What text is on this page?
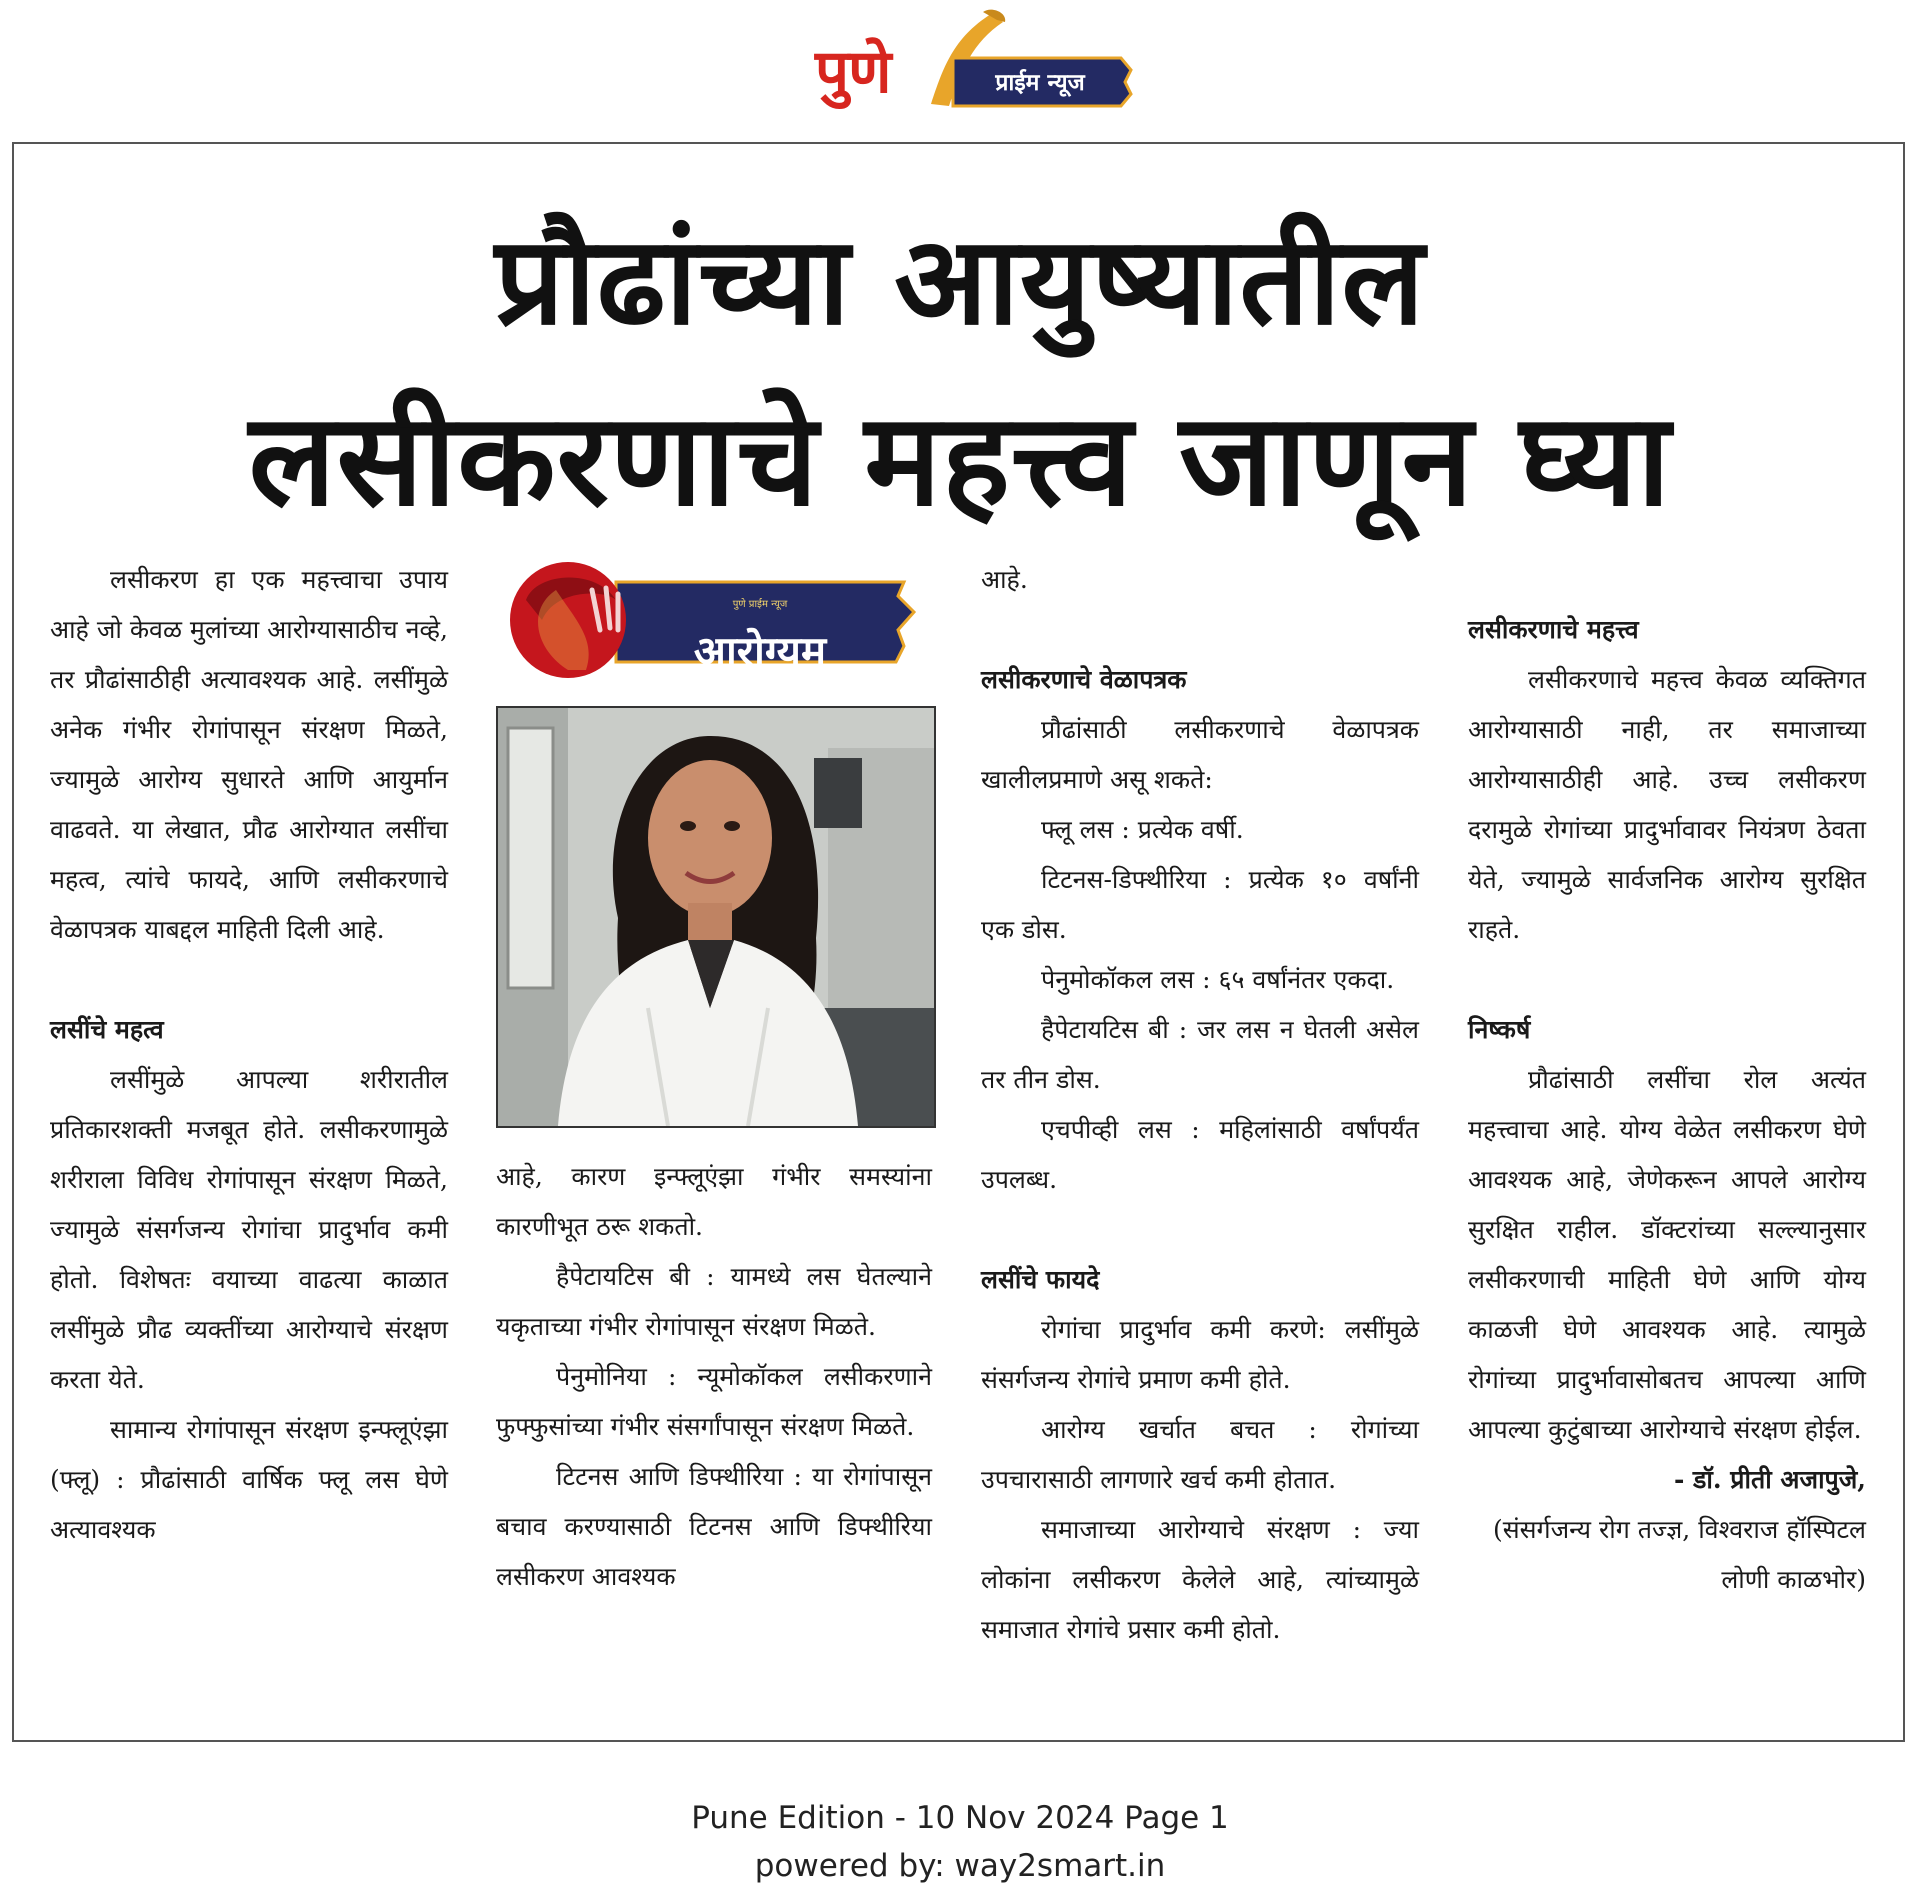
पुणे	प्राईम न्यूज
प्रौढांच्या आयुष्यातील
लसीकरणाचे महत्त्व जाणून घ्या

लसीकरण हा एक महत्त्वाचा उपाय आहे जो केवळ मुलांच्या आरोग्यासाठीच नव्हे, तर प्रौढांसाठीही अत्यावश्यक आहे. लसींमुळे अनेक गंभीर रोगांपासून संरक्षण मिळते, ज्यामुळे आरोग्य सुधारते आणि आयुर्मान वाढवते. या लेखात, प्रौढ आरोग्यात लसींचा महत्व, त्यांचे फायदे, आणि लसीकरणाचे वेळापत्रक याबद्दल माहिती दिली आहे.

लसींचे महत्व

लसींमुळे आपल्या शरीरातील प्रतिकारशक्ती मजबूत होते. लसीकरणामुळे शरीराला विविध रोगांपासून संरक्षण मिळते, ज्यामुळे संसर्गजन्य रोगांचा प्रादुर्भाव कमी होतो. विशेषतः वयाच्या वाढत्या काळात लसींमुळे प्रौढ व्यक्तींच्या आरोग्याचे संरक्षण करता येते.

सामान्य रोगांपासून संरक्षण इन्फ्लूएंझा (फ्लू) : प्रौढांसाठी वार्षिक फ्लू लस घेणे अत्यावश्यक

पुणे प्राईम न्यूज
आरोग्यम

आहे, कारण इन्फ्लूएंझा गंभीर समस्यांना कारणीभूत ठरू शकतो.

हैपेटायटिस बी : यामध्ये लस घेतल्याने यकृताच्या गंभीर रोगांपासून संरक्षण मिळते.

पेनुमोनिया : न्यूमोकॉकल लसीकरणाने फुफ्फुसांच्या गंभीर संसर्गांपासून संरक्षण मिळते.

टिटनस आणि डिफ्थीरिया : या रोगांपासून बचाव करण्यासाठी टिटनस आणि डिफ्थीरिया लसीकरण आवश्यक

आहे.

लसीकरणाचे वेळापत्रक

प्रौढांसाठी लसीकरणाचे वेळापत्रक खालीलप्रमाणे असू शकते:

फ्लू लस : प्रत्येक वर्षी.

टिटनस-डिफ्थीरिया : प्रत्येक १० वर्षांनी एक डोस.

पेनुमोकॉकल लस : ६५ वर्षांनंतर एकदा.

हैपेटायटिस बी : जर लस न घेतली असेल तर तीन डोस.

एचपीव्ही लस : महिलांसाठी वर्षांपर्यंत उपलब्ध.

लसींचे फायदे

रोगांचा प्रादुर्भाव कमी करणे: लसींमुळे संसर्गजन्य रोगांचे प्रमाण कमी होते.

आरोग्य खर्चात बचत : रोगांच्या उपचारासाठी लागणारे खर्च कमी होतात.

समाजाच्या आरोग्याचे संरक्षण : ज्या लोकांना लसीकरण केलेले आहे, त्यांच्यामुळे समाजात रोगांचे प्रसार कमी होतो.

लसीकरणाचे महत्त्व

लसीकरणाचे महत्त्व केवळ व्यक्तिगत आरोग्यासाठी नाही, तर समाजाच्या आरोग्यासाठीही आहे. उच्च लसीकरण दरामुळे रोगांच्या प्रादुर्भावावर नियंत्रण ठेवता येते, ज्यामुळे सार्वजनिक आरोग्य सुरक्षित राहते.

निष्कर्ष

प्रौढांसाठी लसींचा रोल अत्यंत महत्त्वाचा आहे. योग्य वेळेत लसीकरण घेणे आवश्यक आहे, जेणेकरून आपले आरोग्य सुरक्षित राहील. डॉक्टरांच्या सल्ल्यानुसार लसीकरणाची माहिती घेणे आणि योग्य काळजी घेणे आवश्यक आहे. त्यामुळे रोगांच्या प्रादुर्भावासोबतच आपल्या आणि आपल्या कुटुंबाच्या आरोग्याचे संरक्षण होईल.

- डॉ. प्रीती अजापुजे,

(संसर्गजन्य रोग तज्ज्ञ, विश्वराज हॉस्पिटल लोणी काळभोर)

Pune Edition - 10 Nov 2024 Page 1
powered by: way2smart.in
